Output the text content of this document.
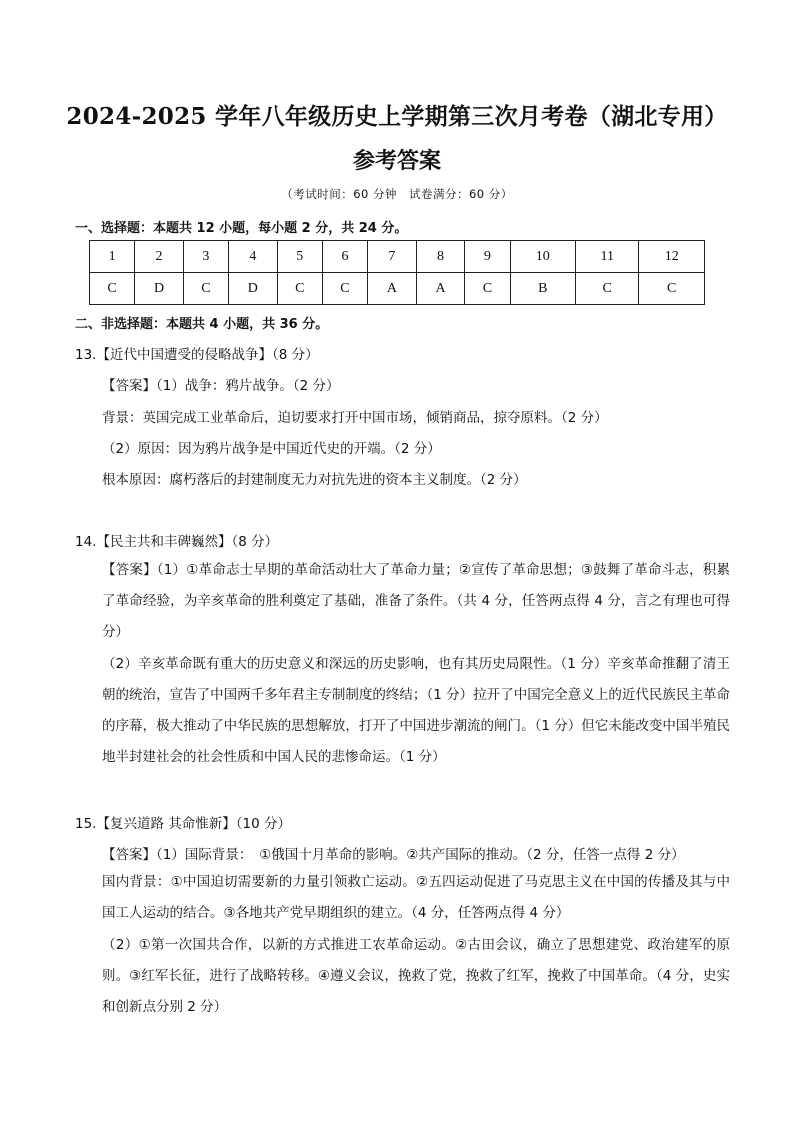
2024-2025 学年八年级历史上学期第三次月考卷（湖北专用）
参考答案
（考试时间：60 分钟　试卷满分：60 分）
一、选择题：本题共 12 小题，每小题 2 分，共 24 分。
1	2	3	4	5	6	7	8	9	10	11	12
C	D	C	D	C	C	A	A	C	B	C	C
二、非选择题：本题共 4 小题，共 36 分。
13.【近代中国遭受的侵略战争】（8 分）
【答案】（1）战争：鸦片战争。（2 分）
背景：英国完成工业革命后，迫切要求打开中国市场，倾销商品，掠夺原料。（2 分）
（2）原因：因为鸦片战争是中国近代史的开端。（2 分）
根本原因：腐朽落后的封建制度无力对抗先进的资本主义制度。（2 分）
14.【民主共和丰碑巍然】（8 分）
【答案】（1）①革命志士早期的革命活动壮大了革命力量；②宣传了革命思想；③鼓舞了革命斗志，积累了革命经验，为辛亥革命的胜利奠定了基础，准备了条件。（共 4 分，任答两点得 4 分，言之有理也可得分）
（2）辛亥革命既有重大的历史意义和深远的历史影响，也有其历史局限性。（1 分）辛亥革命推翻了清王朝的统治，宣告了中国两千多年君主专制制度的终结；（1 分）拉开了中国完全意义上的近代民族民主革命的序幕，极大推动了中华民族的思想解放，打开了中国进步潮流的闸门。（1 分）但它未能改变中国半殖民地半封建社会的社会性质和中国人民的悲惨命运。（1 分）
15.【复兴道路 其命惟新】（10 分）
【答案】（1）国际背景：　①俄国十月革命的影响。②共产国际的推动。（2 分，任答一点得 2 分）
国内背景：①中国迫切需要新的力量引领救亡运动。②五四运动促进了马克思主义在中国的传播及其与中国工人运动的结合。③各地共产党早期组织的建立。（4 分，任答两点得 4 分）
（2）①第一次国共合作，以新的方式推进工农革命运动。②古田会议，确立了思想建党、政治建军的原则。③红军长征，进行了战略转移。④遵义会议，挽救了党，挽救了红军，挽救了中国革命。（4 分，史实和创新点分别 2 分）
